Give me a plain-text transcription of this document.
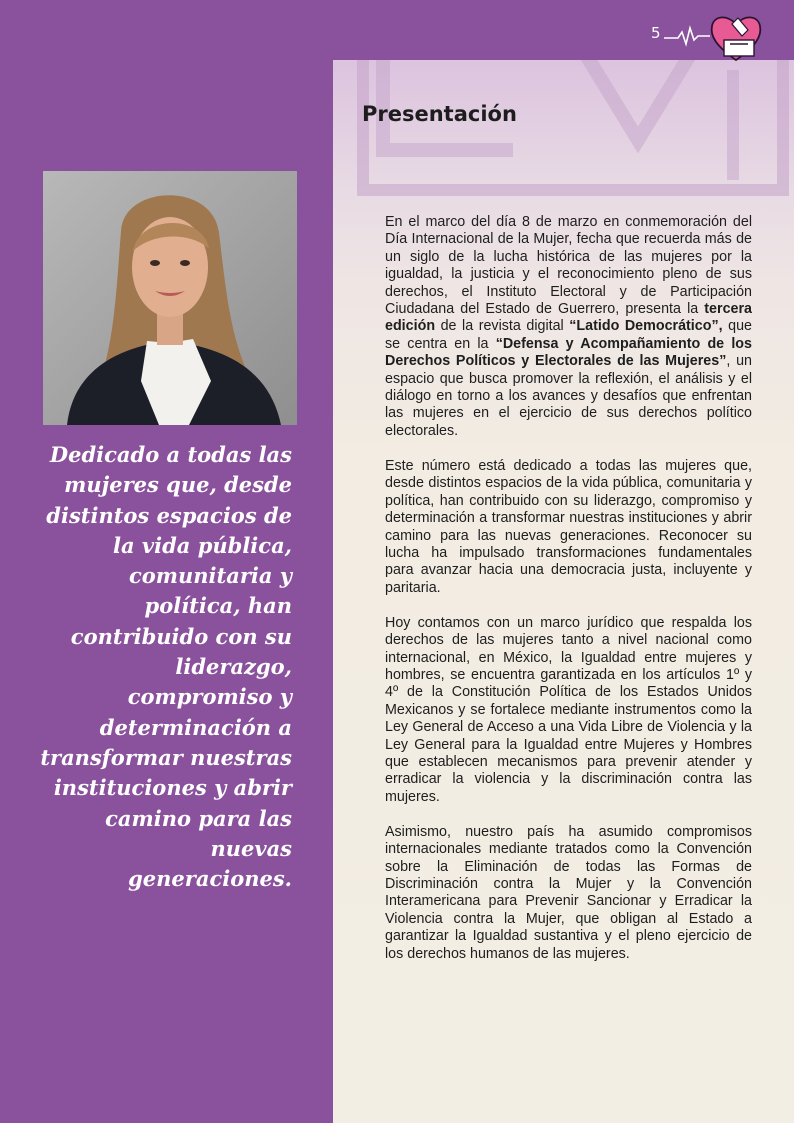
5
Presentación

Dedicado a todas las mujeres que, desde distintos espacios de la vida pública, comunitaria y política, han contribuido con su liderazgo, compromiso y determinación a transformar nuestras instituciones y abrir camino para las nuevas generaciones.

En el marco del día 8 de marzo en conmemoración del Día Internacional de la Mujer, fecha que recuerda más de un siglo de la lucha histórica de las mujeres por la igualdad, la justicia y el reconocimiento pleno de sus derechos, el Instituto Electoral y de Participación Ciudadana del Estado de Guerrero, presenta la tercera edición de la revista digital “Latido Democrático”, que se centra en la “Defensa y Acompañamiento de los Derechos Políticos y Electorales de las Mujeres”, un espacio que busca promover la reflexión, el análisis y el diálogo en torno a los avances y desafíos que enfrentan las mujeres en el ejercicio de sus derechos político electorales.

Este número está dedicado a todas las mujeres que, desde distintos espacios de la vida pública, comunitaria y política, han contribuido con su liderazgo, compromiso y determinación a transformar nuestras instituciones y abrir camino para las nuevas generaciones. Reconocer su lucha ha impulsado transformaciones fundamentales para avanzar hacia una democracia justa, incluyente y paritaria.

Hoy contamos con un marco jurídico que respalda los derechos de las mujeres tanto a nivel nacional como internacional, en México, la Igualdad entre mujeres y hombres, se encuentra garantizada en los artículos 1º y 4º de la Constitución Política de los Estados Unidos Mexicanos y se fortalece mediante instrumentos como la Ley General de Acceso a una Vida Libre de Violencia y la Ley General para la Igualdad entre Mujeres y Hombres que establecen mecanismos para prevenir atender y erradicar la violencia y la discriminación contra las mujeres.

Asimismo, nuestro país ha asumido compromisos internacionales mediante tratados como la Convención sobre la Eliminación de todas las Formas de Discriminación contra la Mujer y la Convención Interamericana para Prevenir Sancionar y Erradicar la Violencia contra la Mujer, que obligan al Estado a garantizar la Igualdad sustantiva y el pleno ejercicio de los derechos humanos de las mujeres.
